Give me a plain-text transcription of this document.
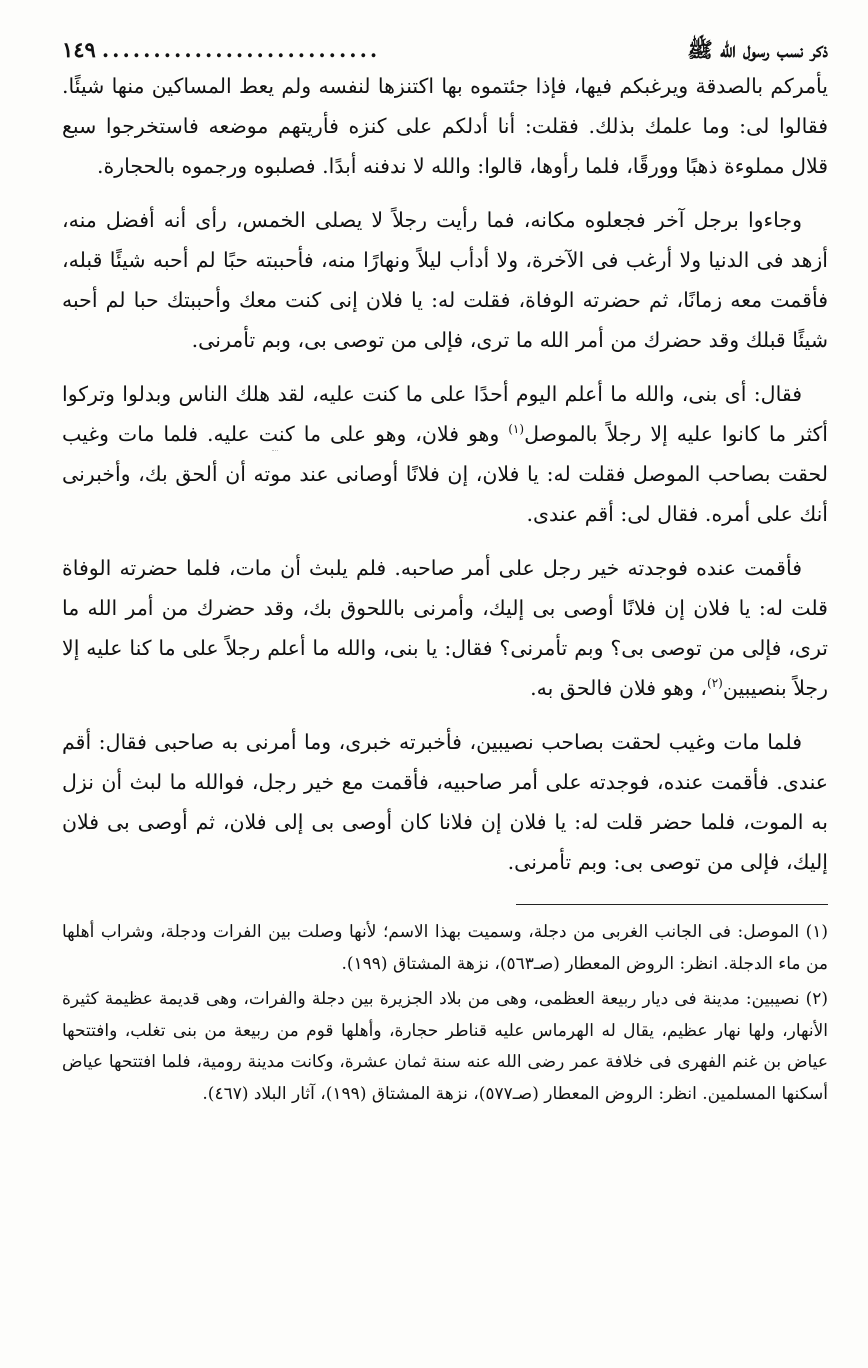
ذكر نسب رسول الله ﷺ
...........................
١٤٩

يأمركم بالصدقة ويرغبكم فيها، فإذا جئتموه بها اكتنزها لنفسه ولم يعط المساكين منها شيئًا. فقالوا لى: وما علمك بذلك. فقلت: أنا أدلكم على كنزه فأريتهم موضعه فاستخرجوا سبع قلال مملوءة ذهبًا وورقًا، فلما رأوها، قالوا: والله لا ندفنه أبدًا. فصلبوه ورجموه بالحجارة.

وجاءوا برجل آخر فجعلوه مكانه، فما رأيت رجلاً لا يصلى الخمس، رأى أنه أفضل منه، أزهد فى الدنيا ولا أرغب فى الآخرة، ولا أدأب ليلاً ونهارًا منه، فأحببته حبًا لم أحبه شيئًا قبله، فأقمت معه زمانًا، ثم حضرته الوفاة، فقلت له: يا فلان إنى كنت معك وأحببتك حبا لم أحبه شيئًا قبلك وقد حضرك من أمر الله ما ترى، فإلى من توصى بى، وبم تأمرنى.

فقال: أى بنى، والله ما أعلم اليوم أحدًا على ما كنت عليه، لقد هلك الناس وبدلوا وتركوا أكثر ما كانوا عليه إلا رجلاً بالموصل$^{(١)}$ وهو فلان، وهو على ما كنت عليه. فلما مات وغيب لحقت بصاحب الموصل فقلت له: يا فلان، إن فلانًا أوصانى عند موته أن ألحق بك، وأخبرنى أنك على أمره. فقال لى: أقم عندى.

فأقمت عنده فوجدته خير رجل على أمر صاحبه. فلم يلبث أن مات، فلما حضرته الوفاة قلت له: يا فلان إن فلانًا أوصى بى إليك، وأمرنى باللحوق بك، وقد حضرك من أمر الله ما ترى، فإلى من توصى بى؟ وبم تأمرنى؟ فقال: يا بنى، والله ما أعلم رجلاً على ما كنا عليه إلا رجلاً بنصيبين$^{(٢)}$، وهو فلان فالحق به.

فلما مات وغيب لحقت بصاحب نصيبين، فأخبرته خبرى، وما أمرنى به صاحبى فقال: أقم عندى. فأقمت عنده، فوجدته على أمر صاحبيه، فأقمت مع خير رجل، فوالله ما لبث أن نزل به الموت، فلما حضر قلت له: يا فلان إن فلانا كان أوصى بى إلى فلان، ثم أوصى بى فلان إليك، فإلى من توصى بى: وبم تأمرنى.

(١) الموصل: فى الجانب الغربى من دجلة، وسميت بهذا الاسم؛ لأنها وصلت بين الفرات ودجلة، وشراب أهلها من ماء الدجلة. انظر: الروض المعطار (صـ٥٦٣)، نزهة المشتاق (١٩٩).

(٢) نصيبين: مدينة فى ديار ربيعة العظمى، وهى من بلاد الجزيرة بين دجلة والفرات، وهى قديمة عظيمة كثيرة الأنهار، ولها نهار عظيم، يقال له الهرماس عليه قناطر حجارة، وأهلها قوم من ربيعة من بنى تغلب، وافتتحها عياض بن غنم الفهرى فى خلافة عمر رضى الله عنه سنة ثمان عشرة، وكانت مدينة رومية، فلما افتتحها عياض أسكنها المسلمين. انظر: الروض المعطار (صـ٥٧٧)، نزهة المشتاق (١٩٩)، آثار البلاد (٤٦٧).
